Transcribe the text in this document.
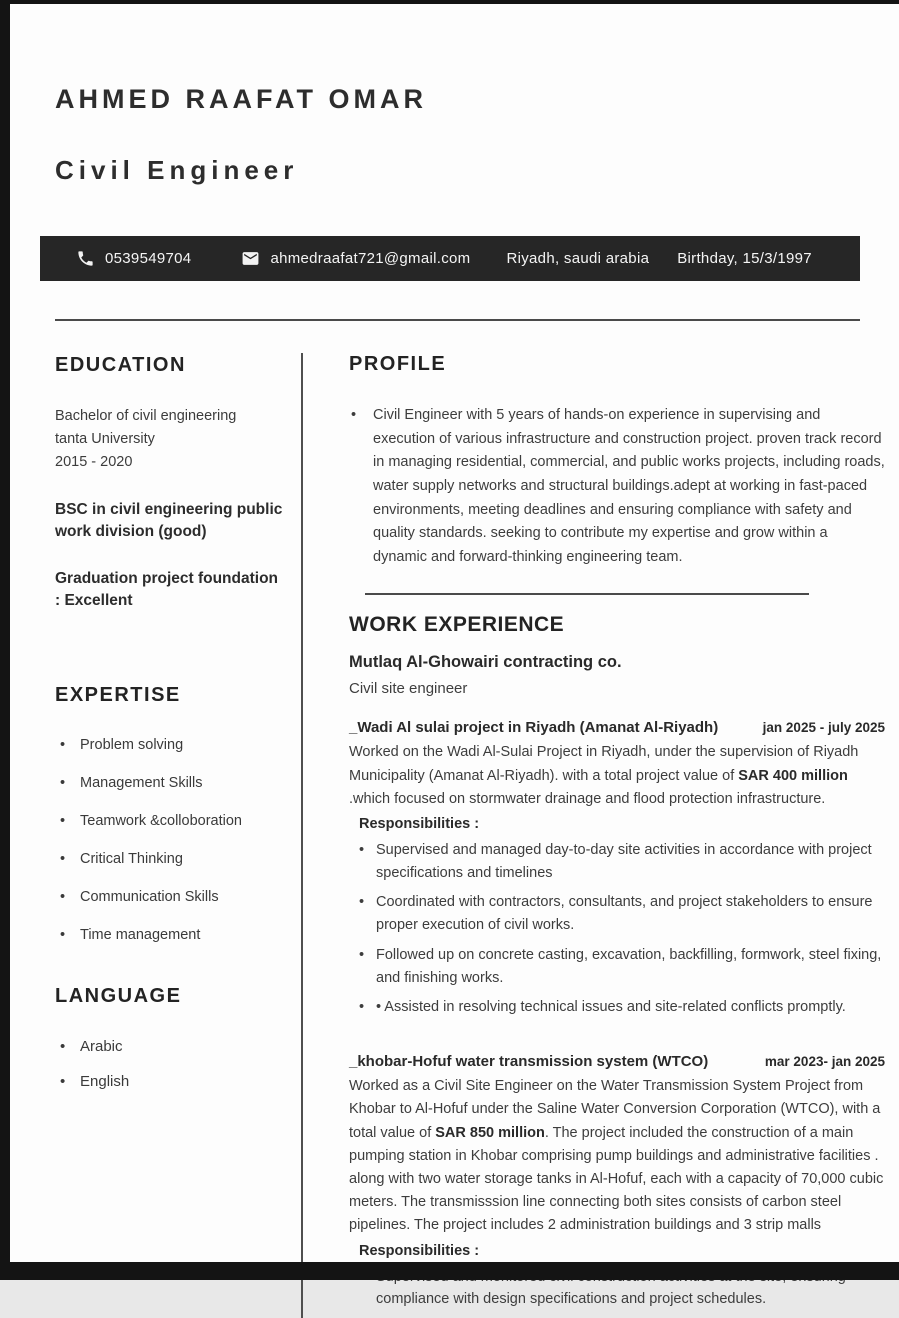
AHMED RAAFAT OMAR
Civil Engineer
0539549704	ahmedraafat721@gmail.com Riyadh, saudi arabia Birthday, 15/3/1997
EDUCATION
Bachelor of civil engineering
tanta University
2015 - 2020
BSC in civil engineering public work division (good)
Graduation project foundation : Excellent
EXPERTISE
• Problem solving
• Management Skills
• Teamwork &colloboration
• Critical Thinking
• Communication Skills
• Time management
LANGUAGE
• Arabic
• English
PROFILE
• Civil Engineer with 5 years of hands-on experience in supervising and execution of various infrastructure and construction project. proven track record in managing residential, commercial, and public works projects, including roads, water supply networks and structural buildings.adept at working in fast-paced environments, meeting deadlines and ensuring compliance with safety and quality standards. seeking to contribute my expertise and grow within a dynamic and forward-thinking engineering team.
WORK EXPERIENCE
Mutlaq Al-Ghowairi contracting co.
Civil site engineer
_Wadi Al sulai project in Riyadh (Amanat Al-Riyadh)	jan 2025 - july 2025

Worked on the Wadi Al-Sulai Project in Riyadh, under the supervision of Riyadh Municipality (Amanat Al-Riyadh). with a total project value of SAR 400 million .which focused on stormwater drainage and flood protection infrastructure.

Responsibilities :
• Supervised and managed day-to-day site activities in accordance with project specifications and timelines
• Coordinated with contractors, consultants, and project stakeholders to ensure proper execution of civil works.
• Followed up on concrete casting, excavation, backfilling, formwork, steel fixing, and finishing works.
• • Assisted in resolving technical issues and site-related conflicts promptly.
_khobar-Hofuf water transmission system (WTCO)	mar 2023- jan 2025

Worked as a Civil Site Engineer on the Water Transmission System Project from Khobar to Al-Hofuf under the Saline Water Conversion Corporation (WTCO), with a total value of SAR 850 million. The project included the construction of a main pumping station in Khobar comprising pump buildings and administrative facilities . along with two water storage tanks in Al-Hofuf, each with a capacity of 70,000 cubic meters. The transmisssion line connecting both sites consists of carbon steel pipelines. The project includes 2 administration buildings and 3 strip malls

Responsibilities :
• compliance with design specifications and project schedules.
